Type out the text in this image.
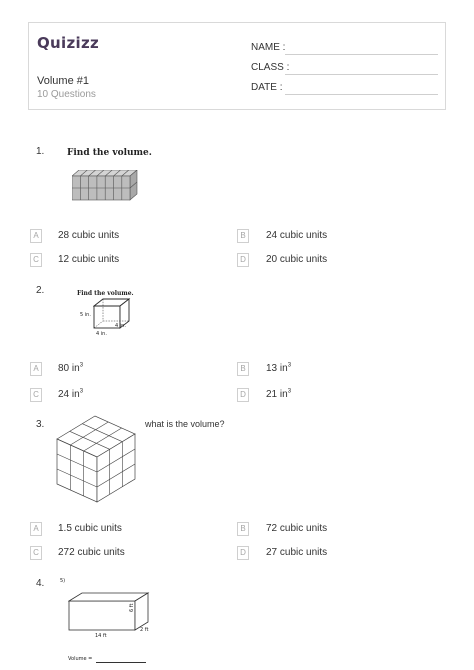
Quizizz
Volume #1
10 Questions
NAME :
CLASS :
DATE :
1.	Find the volume.
A	28 cubic units	B	24 cubic units
C	12 cubic units	D	20 cubic units
2.	Find the volume.
5 in.
4 in.
4 in.
A	80 $in^3$	B	13 $in^3$
C	24 $in^3$	D	21 $in^3$
3.	what is the volume?
A	1.5 cubic units	B	72 cubic units
C	272 cubic units	D	27 cubic units
4.	5)
14 ft
2 ft
6 ft
Volume =
